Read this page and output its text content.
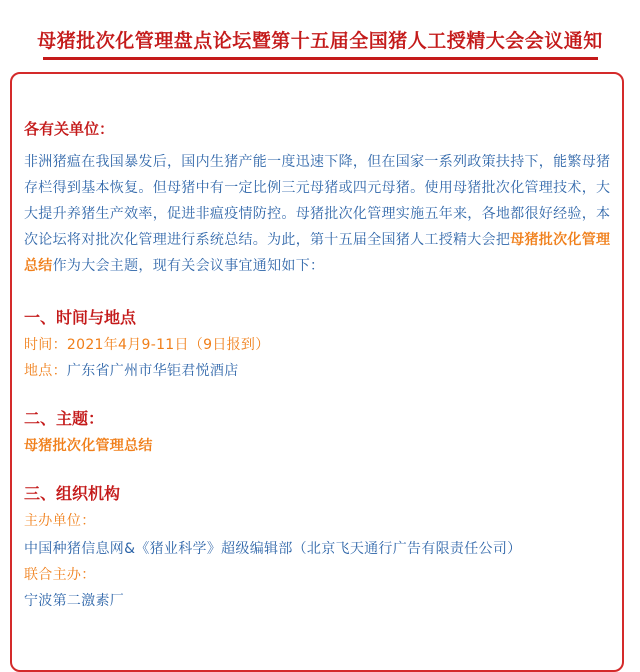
母猪批次化管理盘点论坛暨第十五届全国猪人工授精大会会议通知

各有关单位：

非洲猪瘟在我国暴发后，国内生猪产能一度迅速下降，但在国家一系列政策扶持下，能繁母猪存栏得到基本恢复。但母猪中有一定比例三元母猪或四元母猪。使用母猪批次化管理技术，大大提升养猪生产效率，促进非瘟疫情防控。母猪批次化管理实施五年来，各地都很好经验，本次论坛将对批次化管理进行系统总结。为此，第十五届全国猪人工授精大会把母猪批次化管理总结作为大会主题，现有关会议事宜通知如下：

一、时间与地点

时间：2021年4月9-11日（9日报到）
地点：广东省广州市华钜君悦酒店

二、主题：

母猪批次化管理总结

三、组织机构

主办单位：
中国种猪信息网&《猪业科学》超级编辑部（北京飞天通行广告有限责任公司）
联合主办：
宁波第二激素厂
